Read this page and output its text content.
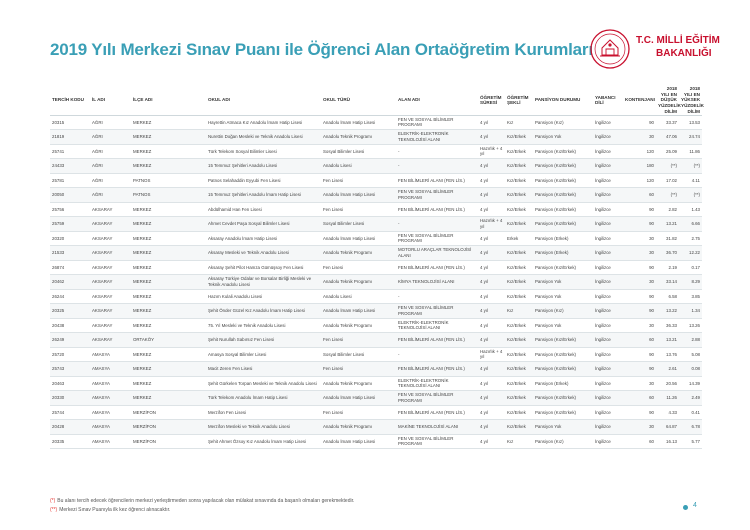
2019 Yılı Merkezi Sınav Puanı ile Öğrenci Alan Ortaöğretim Kurumları	T.C. MİLLİ EĞİTİM
BAKANLIĞI
TERCİH KODU	İL ADI	İLÇE ADI	OKUL ADI	OKUL TÜRÜ	ALAN ADI	ÖĞRETİM SÜRESİ	ÖĞRETİM ŞEKLİ	PANSİYON DURUMU	YABANCI DİLİ	KONTENJANI	2018 YILI EN DÜŞÜK YÜZDELİK DİLİM	2018 YILI EN YÜKSEK YÜZDELİK DİLİM
20315	AĞRI	MERKEZ	Hayrettin Atmaca Kız Anadolu İmam Hatip Lisesi	Anadolu İmam Hatip Lisesi	FEN VE SOSYAL BİLİMLER PROGRAMI	4 yıl	Kız	Pansiyon (Kız)	İngilizce	90	33.37	13.53
21819	AĞRI	MERKEZ	Nurettin Doğan Mesleki ve Teknik Anadolu Lisesi	Anadolu Teknik Programı	ELEKTRİK-ELEKTRONİK TEKNOLOJİSİ ALANI	4 yıl	Kız/Erkek	Pansiyon Yok	İngilizce	30	47.06	24.74
25741	AĞRI	MERKEZ	Türk Telekom Sosyal Bilimler Lisesi	Sosyal Bilimler Lisesi	-	Hazırlık + 4 yıl	Kız/Erkek	Pansiyon (Kız/Erkek)	İngilizce	120	25.09	11.86
24433	AĞRI	MERKEZ	15 Temmuz Şehitleri Anadolu Lisesi	Anadolu Lisesi	-	4 yıl	Kız/Erkek	Pansiyon (Kız/Erkek)	İngilizce	180	(**)	(**)
25781	AĞRI	PATNOS	Patnos Selahaddin Eyyubi Fen Lisesi	Fen Lisesi	FEN BİLİMLERİ ALANI (FEN LİS.)	4 yıl	Kız/Erkek	Pansiyon (Kız/Erkek)	İngilizce	120	17.02	4.11
20050	AĞRI	PATNOS	15 Temmuz Şehitleri Anadolu İmam Hatip Lisesi	Anadolu İmam Hatip Lisesi	FEN VE SOSYAL BİLİMLER PROGRAMI	4 yıl	Kız/Erkek	Pansiyon (Kız/Erkek)	İngilizce	60	(**)	(**)
25756	AKSARAY	MERKEZ	Abdülhamid Han Fen Lisesi	Fen Lisesi	FEN BİLİMLERİ ALANI (FEN LİS.)	4 yıl	Kız/Erkek	Pansiyon (Kız/Erkek)	İngilizce	90	2.82	1.43
25759	AKSARAY	MERKEZ	Ahmet Cevdet Paşa Sosyal Bilimler Lisesi	Sosyal Bilimler Lisesi	-	Hazırlık + 4 yıl	Kız/Erkek	Pansiyon (Kız/Erkek)	İngilizce	90	13.21	6.66
20320	AKSARAY	MERKEZ	Aksaray Anadolu İmam Hatip Lisesi	Anadolu İmam Hatip Lisesi	FEN VE SOSYAL BİLİMLER PROGRAMI	4 yıl	Erkek	Pansiyon (Erkek)	İngilizce	30	31.82	2.75
21533	AKSARAY	MERKEZ	Aksaray Mesleki ve Teknik Anadolu Lisesi	Anadolu Teknik Programı	MOTORLU ARAÇLAR TEKNOLOJİSİ ALANI	4 yıl	Kız/Erkek	Pansiyon (Erkek)	İngilizce	30	36.70	12.22
26874	AKSARAY	MERKEZ	Aksaray Şehit Pilot Hamza Gümüşsoy Fen Lisesi	Fen Lisesi	FEN BİLİMLERİ ALANI (FEN LİS.)	4 yıl	Kız/Erkek	Pansiyon (Kız/Erkek)	İngilizce	90	2.19	0.17
20462	AKSARAY	MERKEZ	Aksaray Türkiye Odalar ve Borsalar Birliği Mesleki ve Teknik Anadolu Lisesi	Anadolu Teknik Programı	KİMYA TEKNOLOJİSİ ALANI	4 yıl	Kız/Erkek	Pansiyon Yok	İngilizce	30	33.14	8.29
26244	AKSARAY	MERKEZ	Hazım Kulali Anadolu Lisesi	Anadolu Lisesi	-	4 yıl	Kız/Erkek	Pansiyon Yok	İngilizce	90	6.58	3.85
20325	AKSARAY	MERKEZ	Şehit Önder Güzel Kız Anadolu İmam Hatip Lisesi	Anadolu İmam Hatip Lisesi	FEN VE SOSYAL BİLİMLER PROGRAMI	4 yıl	Kız	Pansiyon (Kız)	İngilizce	90	13.22	1.34
20438	AKSARAY	MERKEZ	75. Yıl Mesleki ve Teknik Anadolu Lisesi	Anadolu Teknik Programı	ELEKTRİK-ELEKTRONİK TEKNOLOJİSİ ALANI	4 yıl	Kız/Erkek	Pansiyon Yok	İngilizce	30	36.33	13.26
26249	AKSARAY	ORTAKÖY	Şehit Nurullah Sabırsız Fen Lisesi	Fen Lisesi	FEN BİLİMLERİ ALANI (FEN LİS.)	4 yıl	Kız/Erkek	Pansiyon (Kız/Erkek)	İngilizce	60	13.21	2.88
25720	AMASYA	MERKEZ	Amasya Sosyal Bilimler Lisesi	Sosyal Bilimler Lisesi	-	Hazırlık + 4 yıl	Kız/Erkek	Pansiyon (Kız/Erkek)	İngilizce	90	13.76	5.08
25743	AMASYA	MERKEZ	Macit Zeren Fen Lisesi	Fen Lisesi	FEN BİLİMLERİ ALANI (FEN LİS.)	4 yıl	Kız/Erkek	Pansiyon (Kız/Erkek)	İngilizce	90	2.61	0.08
20463	AMASYA	MERKEZ	Şehit Gürkelen Torpan Mesleki ve Teknik Anadolu Lisesi	Anadolu Teknik Programı	ELEKTRİK-ELEKTRONİK TEKNOLOJİSİ ALANI	4 yıl	Kız/Erkek	Pansiyon (Erkek)	İngilizce	30	20.56	14.39
20330	AMASYA	MERKEZ	Türk Telekom Anadolu İmam Hatip Lisesi	Anadolu İmam Hatip Lisesi	FEN VE SOSYAL BİLİMLER PROGRAMI	4 yıl	Kız/Erkek	Pansiyon (Kız/Erkek)	İngilizce	60	11.26	2.49
25744	AMASYA	MERZİFON	Merzifon Fen Lisesi	Fen Lisesi	FEN BİLİMLERİ ALANI (FEN LİS.)	4 yıl	Kız/Erkek	Pansiyon (Kız/Erkek)	İngilizce	90	4.33	0.41
20428	AMASYA	MERZİFON	Merzifon Mesleki ve Teknik Anadolu Lisesi	Anadolu Teknik Programı	MAKİNE TEKNOLOJİSİ ALANI	4 yıl	Kız/Erkek	Pansiyon Yok	İngilizce	30	64.87	6.78
20335	AMASYA	MERZİFON	Şehit Ahmet Özsoy Kız Anadolu İmam Hatip Lisesi	Anadolu İmam Hatip Lisesi	FEN VE SOSYAL BİLİMLER PROGRAMI	4 yıl	Kız	Pansiyon (Kız)	İngilizce	60	16.13	5.77
(*) Bu alanı tercih edecek öğrencilerin merkezi yerleştirmeden sonra yapılacak olan mülakat sınavında da başarılı olmaları gerekmektedir.
(**) Merkezi Sınav Puanıyla ilk kez öğrenci alınacaktır.
4
